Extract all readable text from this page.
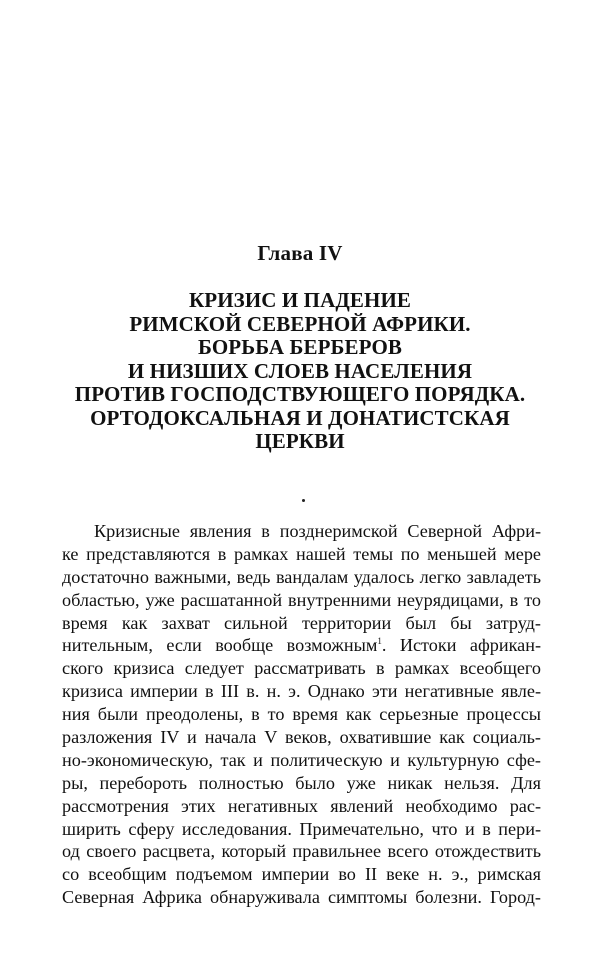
Глава IV
КРИЗИС И ПАДЕНИЕ
РИМСКОЙ СЕВЕРНОЙ АФРИКИ.
БОРЬБА БЕРБЕРОВ
И НИЗШИХ СЛОЕВ НАСЕЛЕНИЯ
ПРОТИВ ГОСПОДСТВУЮЩЕГО ПОРЯДКА.
ОРТОДОКСАЛЬНАЯ И ДОНАТИСТСКАЯ
ЦЕРКВИ
Кризисные явления в позднеримской Северной Афри-
ке представляются в рамках нашей темы по меньшей мере
достаточно важными, ведь вандалам удалось легко завладеть
областью, уже расшатанной внутренними неурядицами, в то
время как захват сильной территории был бы затруд-
нительным, если вообще возможным$^1$. Истоки африкан-
ского кризиса следует рассматривать в рамках всеобщего
кризиса империи в III в. н. э. Однако эти негативные явле-
ния были преодолены, в то время как серьезные процессы
разложения IV и начала V веков, охватившие как социаль-
но-экономическую, так и политическую и культурную сфе-
ры, перебороть полностью было уже никак нельзя. Для
рассмотрения этих негативных явлений необходимо рас-
ширить сферу исследования. Примечательно, что и в пери-
од своего расцвета, который правильнее всего отождествить
со всеобщим подъемом империи во II веке н. э., римская
Северная Африка обнаруживала симптомы болезни. Город-
